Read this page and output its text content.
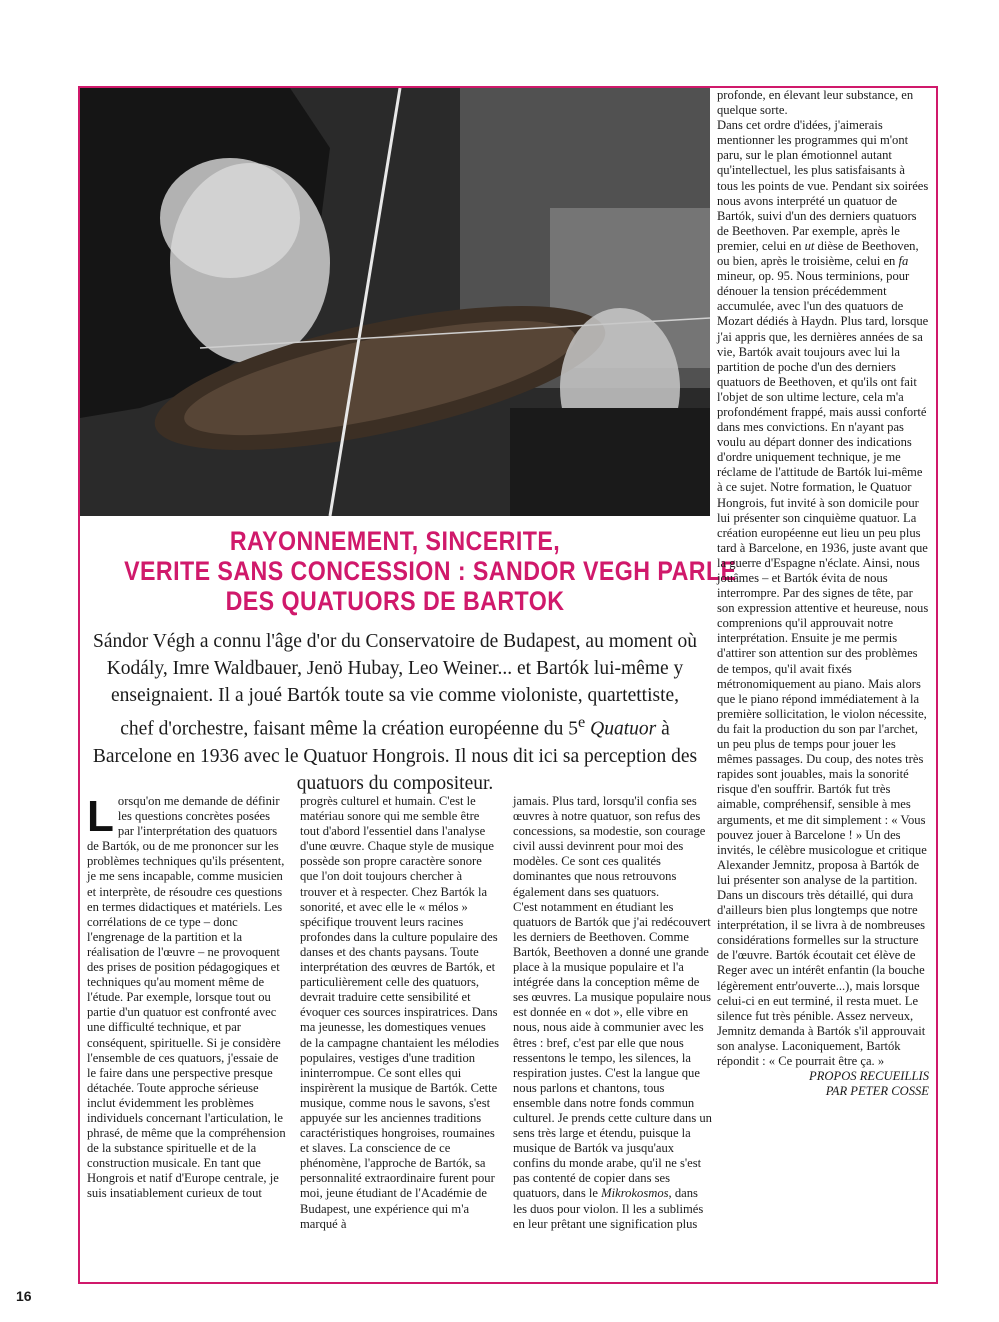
RAYONNEMENT, SINCERITE,
VERITE SANS CONCESSION : SANDOR VEGH PARLE
DES QUATUORS DE BARTOK

Sándor Végh a connu l'âge d'or du Conservatoire de Budapest, au moment où Kodály, Imre Waldbauer, Jenö Hubay, Leo Weiner... et Bartók lui-même y enseignaient. Il a joué Bartók toute sa vie comme violoniste, quartettiste, chef d'orchestre, faisant même la création européenne du 5e Quatuor à Barcelone en 1936 avec le Quatuor Hongrois. Il nous dit ici sa perception des quatuors du compositeur.

Lorsqu'on me demande de définir les questions concrètes posées par l'interprétation des quatuors de Bartók, ou de me prononcer sur les problèmes techniques qu'ils présentent, je me sens incapable, comme musicien et interprète, de résoudre ces questions en termes didactiques et matériels. Les corrélations de ce type – donc l'engrenage de la partition et la réalisation de l'œuvre – ne provoquent des prises de position pédagogiques et techniques qu'au moment même de l'étude. Par exemple, lorsque tout ou partie d'un quatuor est confronté avec une difficulté technique, et par conséquent, spirituelle. Si je considère l'ensemble de ces quatuors, j'essaie de le faire dans une perspective presque détachée. Toute approche sérieuse inclut évidemment les problèmes individuels concernant l'articulation, le phrasé, de même que la compréhension de la substance spirituelle et de la construction musicale. En tant que Hongrois et natif d'Europe centrale, je suis insatiablement curieux de tout

progrès culturel et humain. C'est le matériau sonore qui me semble être tout d'abord l'essentiel dans l'analyse d'une œuvre. Chaque style de musique possède son propre caractère sonore que l'on doit toujours chercher à trouver et à respecter. Chez Bartók la sonorité, et avec elle le « mélos » spécifique trouvent leurs racines profondes dans la culture populaire des danses et des chants paysans. Toute interprétation des œuvres de Bartók, et particulièrement celle des quatuors, devrait traduire cette sensibilité et évoquer ces sources inspiratrices. Dans ma jeunesse, les domestiques venues de la campagne chantaient les mélodies populaires, vestiges d'une tradition ininterrompue. Ce sont elles qui inspirèrent la musique de Bartók. Cette musique, comme nous le savons, s'est appuyée sur les anciennes traditions caractéristiques hongroises, roumaines et slaves. La conscience de ce phénomène, l'approche de Bartók, sa personnalité extraordinaire furent pour moi, jeune étudiant de l'Académie de Budapest, une expérience qui m'a marqué à

jamais. Plus tard, lorsqu'il confia ses œuvres à notre quatuor, son refus des concessions, sa modestie, son courage civil aussi devinrent pour moi des modèles. Ce sont ces qualités dominantes que nous retrouvons également dans ses quatuors.

C'est notamment en étudiant les quatuors de Bartók que j'ai redécouvert les derniers de Beethoven. Comme Bartók, Beethoven a donné une grande place à la musique populaire et l'a intégrée dans la conception même de ses œuvres. La musique populaire nous est donnée en « dot », elle vibre en nous, nous aide à communier avec les êtres : bref, c'est par elle que nous ressentons le tempo, les silences, la respiration justes. C'est la langue que nous parlons et chantons, tous ensemble dans notre fonds commun culturel. Je prends cette culture dans un sens très large et étendu, puisque la musique de Bartók va jusqu'aux confins du monde arabe, qu'il ne s'est pas contenté de copier dans ses quatuors, dans le Mikrokosmos, dans les duos pour violon. Il les a sublimés en leur prêtant une signification plus

profonde, en élevant leur substance, en quelque sorte.

Dans cet ordre d'idées, j'aimerais mentionner les programmes qui m'ont paru, sur le plan émotionnel autant qu'intellectuel, les plus satisfaisants à tous les points de vue. Pendant six soirées nous avons interprété un quatuor de Bartók, suivi d'un des derniers quatuors de Beethoven. Par exemple, après le premier, celui en ut dièse de Beethoven, ou bien, après le troisième, celui en fa mineur, op. 95. Nous terminions, pour dénouer la tension précédemment accumulée, avec l'un des quatuors de Mozart dédiés à Haydn. Plus tard, lorsque j'ai appris que, les dernières années de sa vie, Bartók avait toujours avec lui la partition de poche d'un des derniers quatuors de Beethoven, et qu'ils ont fait l'objet de son ultime lecture, cela m'a profondément frappé, mais aussi conforté dans mes convictions. En n'ayant pas voulu au départ donner des indications d'ordre uniquement technique, je me réclame de l'attitude de Bartók lui-même à ce sujet. Notre formation, le Quatuor Hongrois, fut invité à son domicile pour lui présenter son cinquième quatuor. La création européenne eut lieu un peu plus tard à Barcelone, en 1936, juste avant que la guerre d'Espagne n'éclate. Ainsi, nous jouâmes – et Bartók évita de nous interrompre. Par des signes de tête, par son expression attentive et heureuse, nous comprenions qu'il approuvait notre interprétation. Ensuite je me permis d'attirer son attention sur des problèmes de tempos, qu'il avait fixés métronomiquement au piano. Mais alors que le piano répond immédiatement à la première sollicitation, le violon nécessite, du fait la production du son par l'archet, un peu plus de temps pour jouer les mêmes passages. Du coup, des notes très rapides sont jouables, mais la sonorité risque d'en souffrir. Bartók fut très aimable, compréhensif, sensible à mes arguments, et me dit simplement : « Vous pouvez jouer à Barcelone ! » Un des invités, le célèbre musicologue et critique Alexander Jemnitz, proposa à Bartók de lui présenter son analyse de la partition. Dans un discours très détaillé, qui dura d'ailleurs bien plus longtemps que notre interprétation, il se livra à de nombreuses considérations formelles sur la structure de l'œuvre. Bartók écoutait cet élève de Reger avec un intérêt enfantin (la bouche légèrement entr'ouverte...), mais lorsque celui-ci en eut terminé, il resta muet. Le silence fut très pénible. Assez nerveux, Jemnitz demanda à Bartók s'il approuvait son analyse. Laconiquement, Bartók répondit : « Ce pourrait être ça. »

PROPOS RECUEILLIS
PAR PETER COSSE
16
